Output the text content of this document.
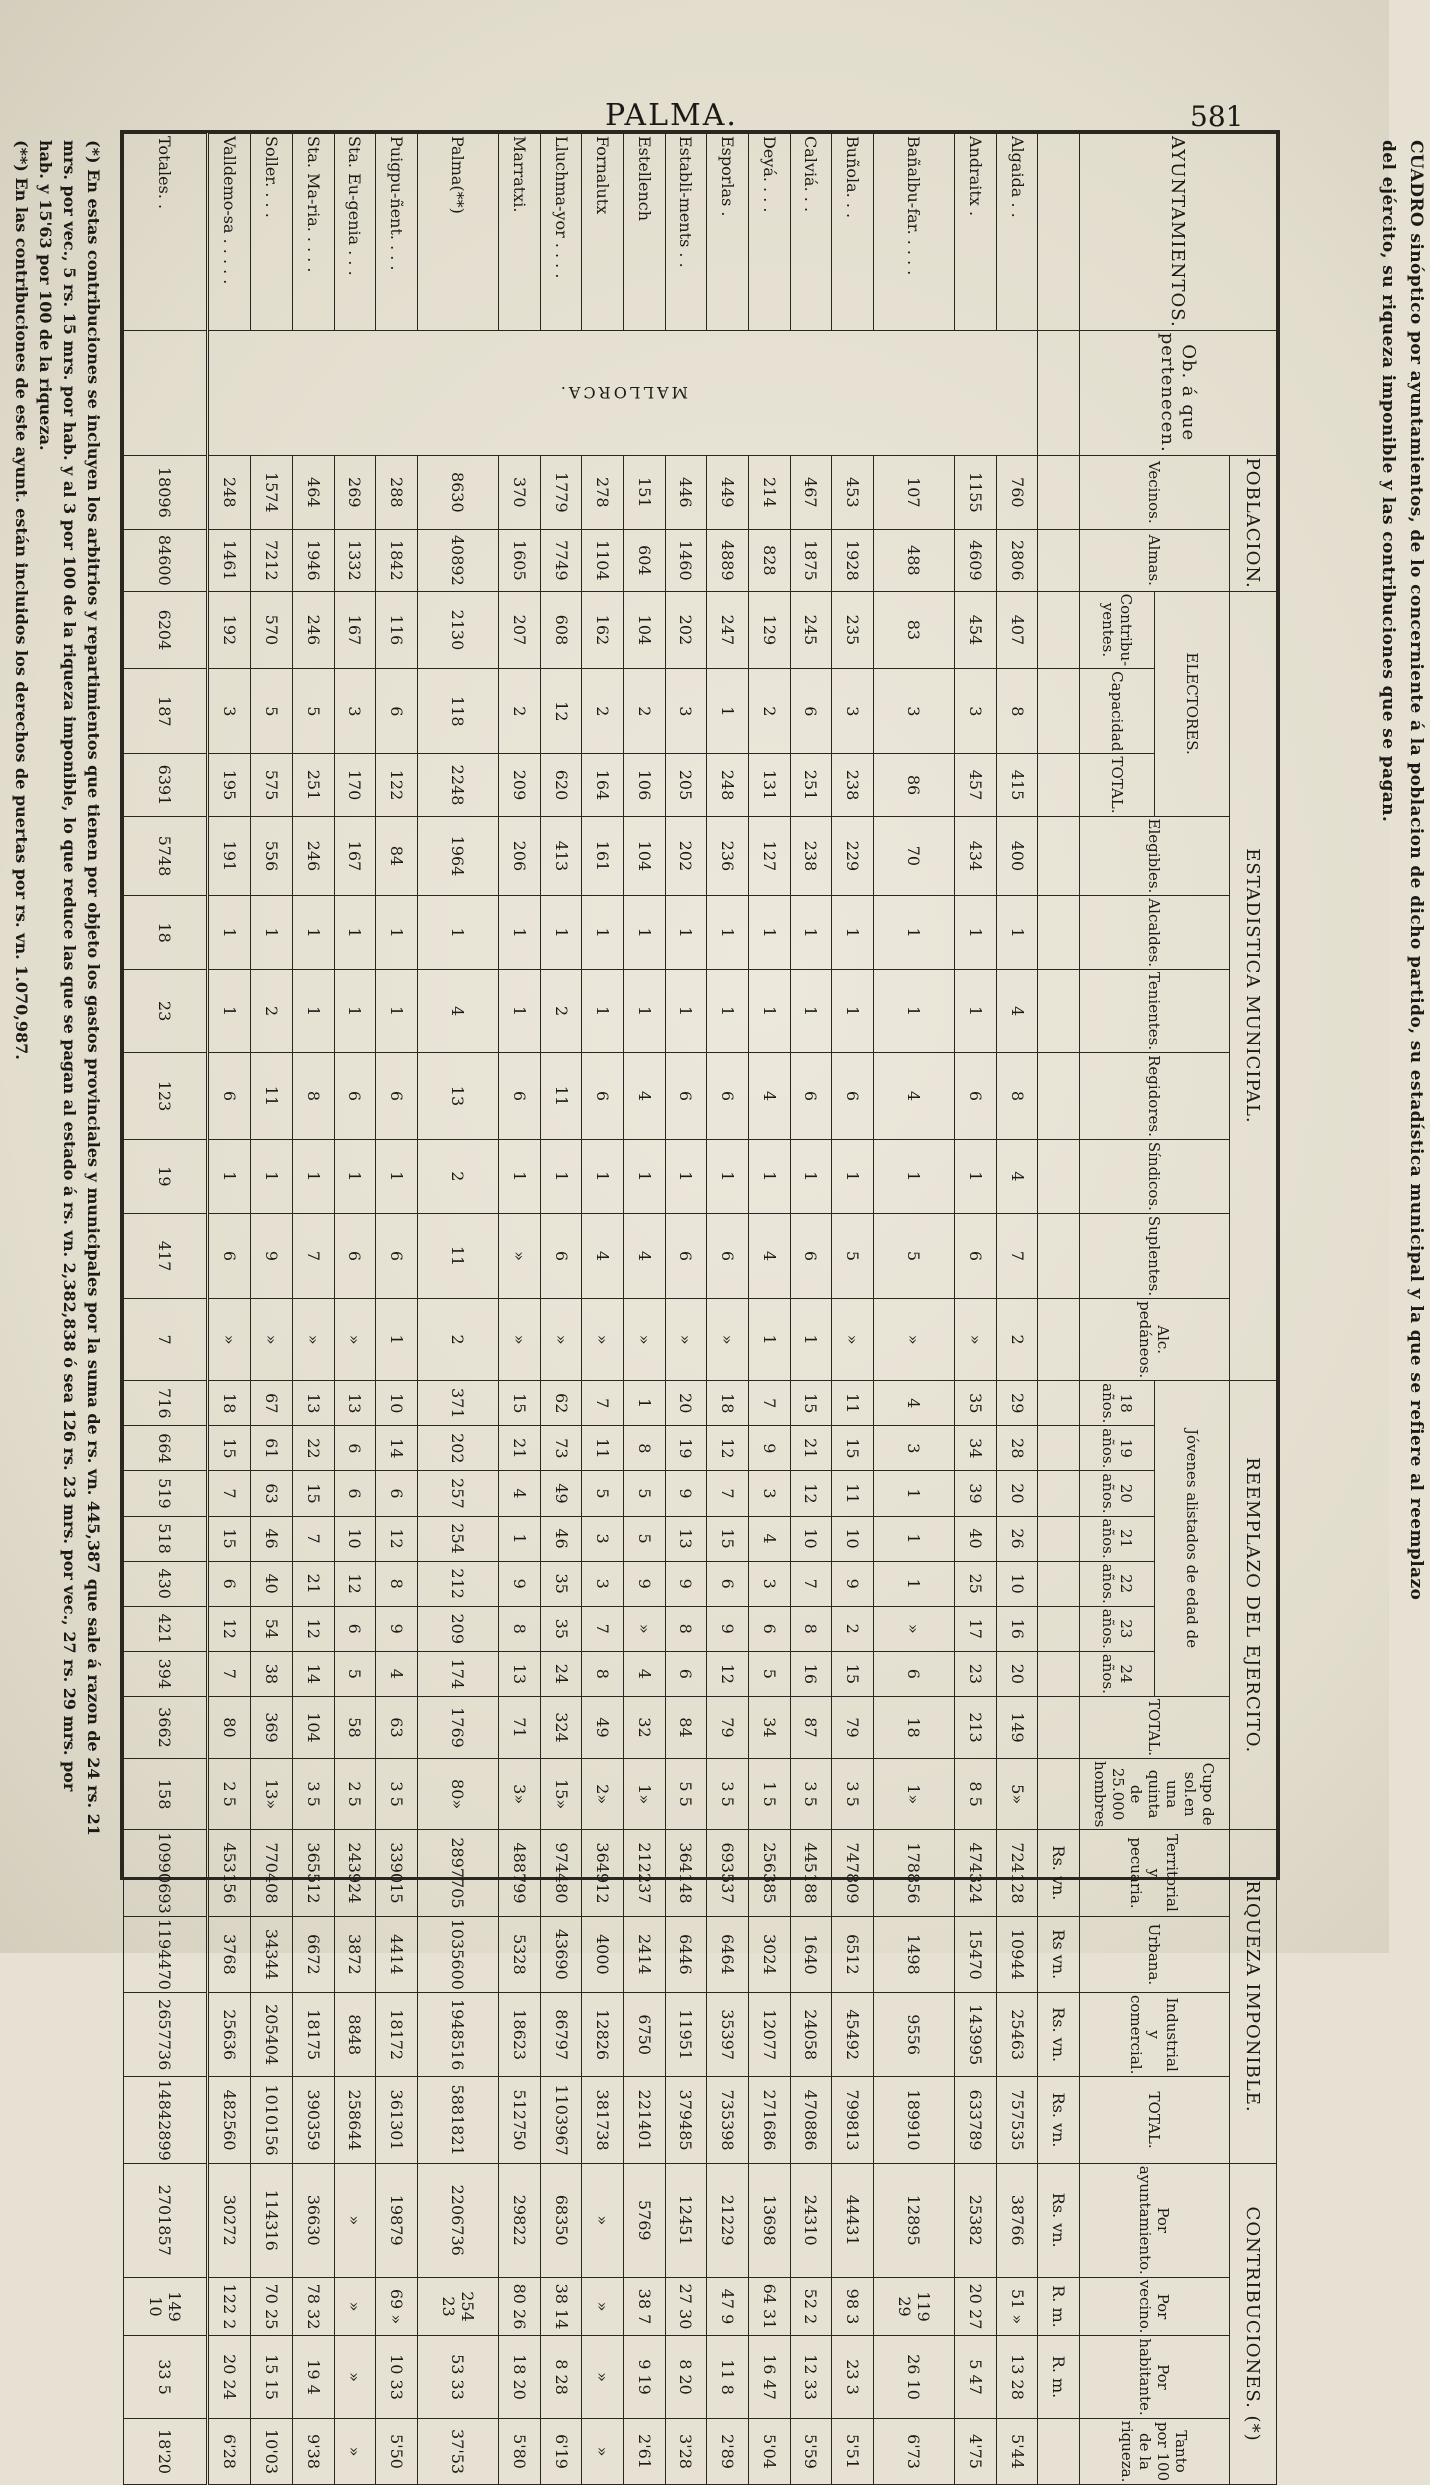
PALMA.	581
CUADRO sinóptico por ayuntamientos, de lo concerniente á la poblacion de dicho partido, su estadística municipal y la que se refiere al reemplazo
del ejército, su riqueza imponible y las contribuciones que se pagan.
AYUNTAMIENTOS.	Ob. á que pertenecen.	POBLACION.		ESTADISTICA MUNICIPAL.										REEMPLAZO DEL EJERCITO.									RIQUEZA IMPONIBLE.				CONTRIBUCIONES. (*)			
		Vecinos.	Almas.	ELECTORES.			Elegibles.	Alcaldes.	Tenientes.	Regidores.	Síndicos.	Suplentes.	Alc. pedáneos.	Jóvenes alistados de edad de							TOTAL.	Cupo de sol.en una quinta de 25.000 hombres	Territorial y pecuaria.	Urbana.	Industrial y comercial.	TOTAL.	Por ayuntamiento.	Por vecino.	Por habitante.	Tanto por 100 de la riqueza.
				Contribu-yentes.	Capacidad	TOTAL.								18 años.	19 años.	20 años.	21 años.	22 años.	23 años.	24 años.										
																							Rs. vn.	Rs vn.	Rs. vn.	Rs. vn.	Rs. vn.	R. m.	R. m.	
Algaida . .	MALLORCA.	760	2806	407	8	415	400	1	4	8	4	7	2	29	28	20	26	10	16	20	149	5»	724128	10944	25463	757535	38766	51 »	13 28	5'44
Andraitx .		1155	4609	454	3	457	434	1	1	6	1	6	»	35	34	39	40	25	17	23	213	8 5	474324	15470	143995	633789	25382	20 27	5 47	4'75
Bañalbu-far. . . . .		107	488	83	3	86	70	1	1	4	1	5	»	4	3	1	1	1	»	6	18	1»	178856	1498	9556	189910	12895	119 29	26 10	6'73
Buñola. . .		453	1928	235	3	238	229	1	1	6	1	5	»	11	15	11	10	9	2	15	79	3 5	747809	6512	45492	799813	44431	98 3	23 3	5'51
Calviá. . .		467	1875	245	6	251	238	1	1	6	1	6	1	15	21	12	10	7	8	16	87	3 5	445188	1640	24058	470886	24310	52 2	12 33	5'59
Deyá. . . .		214	828	129	2	131	127	1	1	4	1	4	1	7	9	3	4	3	6	5	34	1 5	256385	3024	12077	271686	13698	64 31	16 47	5'04
Esporlas .		449	4889	247	1	248	236	1	1	6	1	6	»	18	12	7	15	6	9	12	79	3 5	693537	6464	35397	735398	21229	47 9	11 8	2'89
Establi-ments . .		446	1460	202	3	205	202	1	1	6	1	6	»	20	19	9	13	9	8	6	84	5 5	364148	6446	11951	379485	12451	27 30	8 20	3'28
Estellench		151	604	104	2	106	104	1	1	4	1	4	»	1	8	5	5	9	»	4	32	1»	212237	2414	6750	221401	5769	38 7	9 19	2'61
Fornalutx		278	1104	162	2	164	161	1	1	6	1	4	»	7	11	5	3	3	7	8	49	2»	364912	4000	12826	381738	»	»	»	»
Lluchma-yor . . . .		1779	7749	608	12	620	413	1	2	11	1	6	»	62	73	49	46	35	35	24	324	15»	974480	43690	86797	1103967	68350	38 14	8 28	6'19
Marratxi.		370	1605	207	2	209	206	1	1	6	1	»	»	15	21	4	1	9	8	13	71	3»	488799	5328	18623	512750	29822	80 26	18 20	5'80
Palma(**)		8630	40892	2130	118	2248	1964	1	4	13	2	11	2	371	202	257	254	212	209	174	1769	80»	2897705	1035600	1948516	5881821	2206736	254 23	53 33	37'53
Puigpu-ñent. . . .		288	1842	116	6	122	84	1	1	6	1	6	1	10	14	6	12	8	9	4	63	3 5	339015	4414	18172	361301	19879	69 »	10 33	5'50
Sta. Eu-genia . . .		269	1332	167	3	170	167	1	1	6	1	6	»	13	6	6	10	12	6	5	58	2 5	243924	3872	8848	258644	»	»	»	»
Sta. Ma-ria. . . . .		464	1946	246	5	251	246	1	1	8	1	7	»	13	22	15	7	21	12	14	104	3 5	365512	6672	18175	390359	36630	78 32	19 4	9'38
Soller. . . .		1574	7212	570	5	575	556	1	2	11	1	9	»	67	61	63	46	40	54	38	369	13»	770408	34344	205404	1010156	114316	70 25	15 15	10'03
Valldemo-sa . . . . .		248	1461	192	3	195	191	1	1	6	1	6	»	18	15	7	15	6	12	7	80	2 5	453156	3768	25636	482560	30272	122 2	20 24	6'28
Totales. .		18096	84600	6204	187	6391	5748	18	23	123	19	417	7	716	664	519	518	430	421	394	3662	158	10990693	1194470	2657736	14842899	2701857	149 10	33 5	18'20
(*) En estas contribuciones se incluyen los arbitrios y repartimientos que tienen por objeto los gastos provinciales y municipales por la suma de rs. vn. 445,387 que sale á razon de 24 rs. 21
mrs. por vec., 5 rs. 15 mrs. por hab. y al 3 por 100 de la riqueza imponible, lo que reduce las que se pagan al estado á rs. vn. 2,382,838 ó sea 126 rs. 23 mrs. por vec., 27 rs. 29 mrs. por
hab. y 15'63 por 100 de la riqueza.
(**) En las contribuciones de este ayunt. están incluidos los derechos de puertas por rs. vn. 1.070,987.
